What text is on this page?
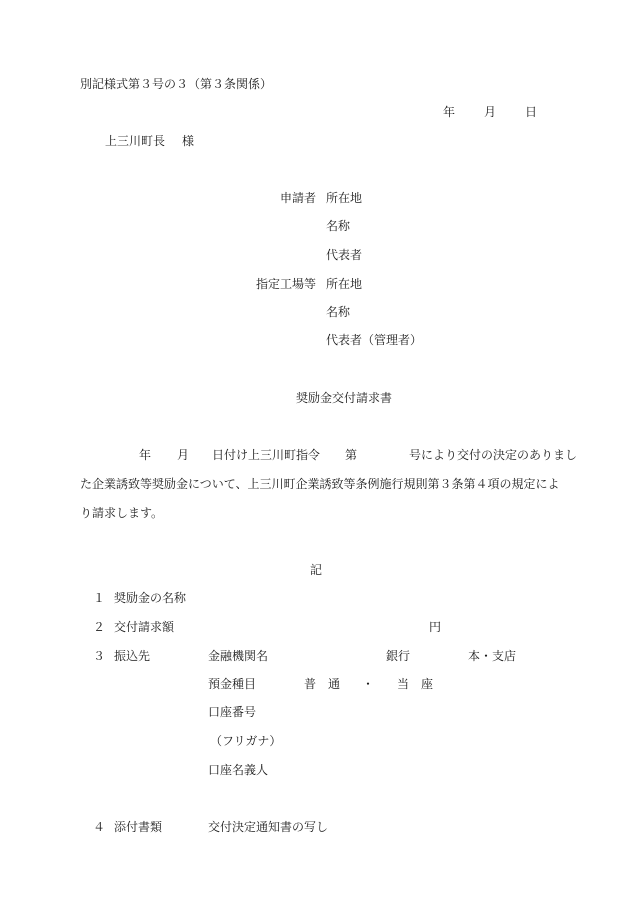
別記様式第３号の３（第３条関係）
年 月 日
上三川町長 様
申請者 所在地
名称
代表者
指定工場等 所在地
名称
代表者（管理者）
奨励金交付請求書
年 月 日付け上三川町指令 第	号により交付の決定のありまし
た企業誘致等奨励金について、上三川町企業誘致等条例施行規則第３条第４項の規定によ
り請求します。
記
１ 奨励金の名称
２ 交付請求額	円
３ 振込先	金融機関名	銀行	本・支店
預金種目	普　通 ・ 当　座
口座番号
（フリガナ）
口座名義人
４ 添付書類	交付決定通知書の写し
